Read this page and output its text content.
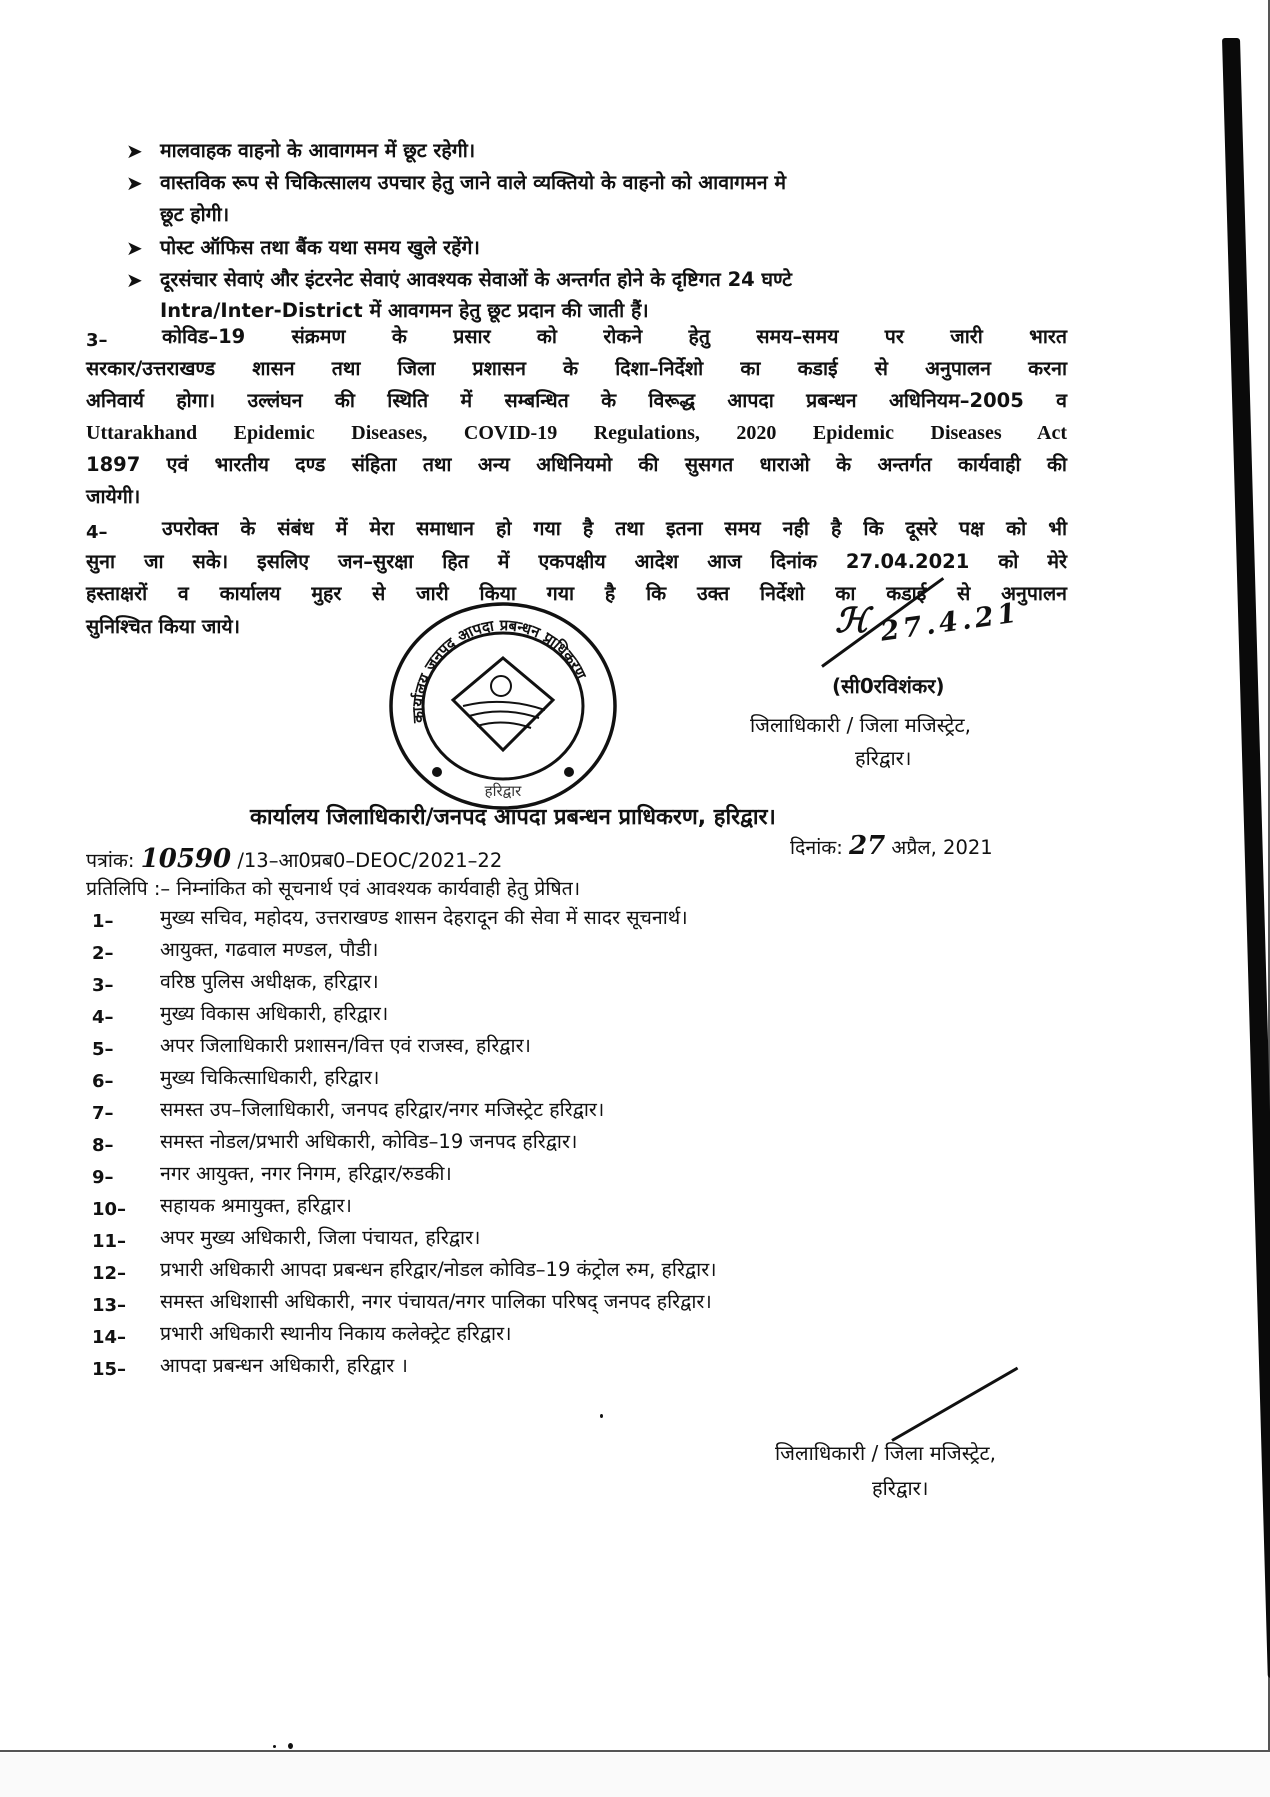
➤ मालवाहक वाहनो के आवागमन में छूट रहेगी।
➤ वास्तविक रूप से चिकित्सालय उपचार हेतु जाने वाले व्यक्तियो के वाहनो को आवागमन मे
छूट होगी।
➤ पोस्ट ऑफिस तथा बैंक यथा समय खुले रहेंगे।
➤ दूरसंचार सेवाएं और इंटरनेट सेवाएं आवश्यक सेवाओं के अन्तर्गत होने के दृष्टिगत 24 घण्टे
Intra/Inter-District में आवगमन हेतु छूट प्रदान की जाती हैं।
3–	कोविड–19 संक्रमण के प्रसार को रोकने हेतु समय–समय पर जारी भारत
सरकार/उत्तराखण्ड शासन तथा जिला प्रशासन के दिशा–निर्देशो का कडाई से अनुपालन करना
अनिवार्य होगा। उल्लंघन की स्थिति में सम्बन्धित के विरूद्ध आपदा प्रबन्धन अधिनियम–2005 व
Uttarakhand Epidemic Diseases, COVID-19 Regulations, 2020 Epidemic Diseases Act
1897 एवं भारतीय दण्ड संहिता तथा अन्य अधिनियमो की सुसगत धाराओ के अन्तर्गत कार्यवाही की
जायेगी।
4–	उपरोक्त के संबंध में मेरा समाधान हो गया है तथा इतना समय नही है कि दूसरे पक्ष को भी
सुना जा सके। इसलिए जन–सुरक्षा हित में एकपक्षीय आदेश आज दिनांक 27.04.2021 को मेरे
हस्ताक्षरों व कार्यालय मुहर से जारी किया गया है कि उक्त निर्देशो का कडाई से अनुपालन
सुनिश्चित किया जाये।
कार्यालय जनपद आपदा प्रबन्धन प्राधिकरण
हरिद्वार
ℋ 27.4.21
(सी0रविशंकर)
जिलाधिकारी / जिला मजिस्ट्रेट,
हरिद्वार।
कार्यालय जिलाधिकारी/जनपद आपदा प्रबन्धन प्राधिकरण, हरिद्वार।
पत्रांक: 10590 /13–आ0प्रब0–DEOC/2021–22
दिनांक: 27 अप्रैल, 2021
प्रतिलिपि :– निम्नांकित को सूचनार्थ एवं आवश्यक कार्यवाही हेतु प्रेषित।
1– मुख्य सचिव, महोदय, उत्तराखण्ड शासन देहरादून की सेवा में सादर सूचनार्थ।
2– आयुक्त, गढवाल मण्डल, पौडी।
3– वरिष्ठ पुलिस अधीक्षक, हरिद्वार।
4– मुख्य विकास अधिकारी, हरिद्वार।
5– अपर जिलाधिकारी प्रशासन/वित्त एवं राजस्व, हरिद्वार।
6– मुख्य चिकित्साधिकारी, हरिद्वार।
7– समस्त उप–जिलाधिकारी, जनपद हरिद्वार/नगर मजिस्ट्रेट हरिद्वार।
8– समस्त नोडल/प्रभारी अधिकारी, कोविड–19 जनपद हरिद्वार।
9– नगर आयुक्त, नगर निगम, हरिद्वार/रुडकी।
10– सहायक श्रमायुक्त, हरिद्वार।
11– अपर मुख्य अधिकारी, जिला पंचायत, हरिद्वार।
12– प्रभारी अधिकारी आपदा प्रबन्धन हरिद्वार/नोडल कोविड–19 कंट्रोल रुम, हरिद्वार।
13– समस्त अधिशासी अधिकारी, नगर पंचायत/नगर पालिका परिषद् जनपद हरिद्वार।
14– प्रभारी अधिकारी स्थानीय निकाय कलेक्ट्रेट हरिद्वार।
15– आपदा प्रबन्धन अधिकारी, हरिद्वार ।
जिलाधिकारी / जिला मजिस्ट्रेट,
हरिद्वार।
